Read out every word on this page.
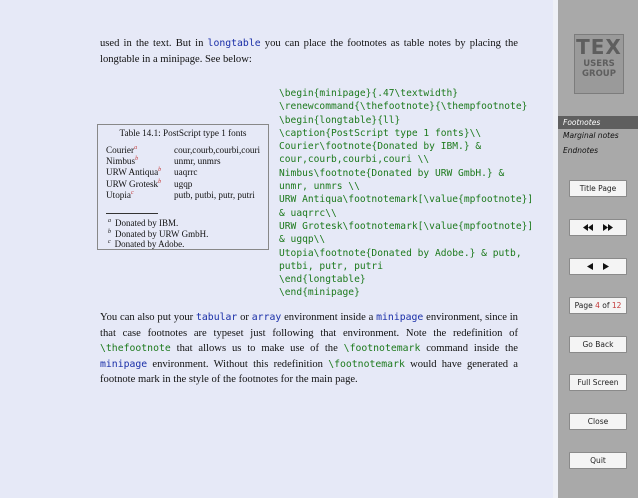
used in the text. But in longtable you can place the footnotes as table notes by placing the longtable in a minipage. See below:

\begin{minipage}{.47\textwidth}
\renewcommand{\thefootnote}{\thempfootnote}
\begin{longtable}{ll}
\caption{PostScript type 1 fonts}\\
Courier\footnote{Donated by IBM.} &
cour,courb,courbi,couri \\
Nimbus\footnote{Donated by URW GmbH.} &
unmr, unmrs \\
URW Antiqua\footnotemark[\value{mpfootnote}]
& uaqrrc\\
URW Grotesk\footnotemark[\value{mpfootnote}]
& ugqp\\
Utopia\footnote{Donated by Adobe.} & putb,
putbi, putr, putri
\end{longtable}
\end{minipage}
Table 14.1: PostScript type 1 fonts
Courier$^a$	cour,courb,courbi,couri
Nimbus$^b$	unmr, unmrs
URW Antiqua$^b$	uaqrrc
URW Grotesk$^b$	ugqp
Utopia$^c$	putb, putbi, putr, putri
$^a$ Donated by IBM.
$^b$ Donated by URW GmbH.
$^c$ Donated by Adobe.

You can also put your tabular or array environment inside a minipage environment, since in that case footnotes are typeset just following that environment. Note the redefinition of \thefootnote that allows us to make use of the \footnotemark command inside the minipage environment. Without this redefinition \footnotemark would have generated a footnote mark in the style of the footnotes for the main page.

TEX
USERS
GROUP
Footnotes
Marginal notes
Endnotes
Title Page
Page 4 of 12
Go Back
Full Screen
Close
Quit
